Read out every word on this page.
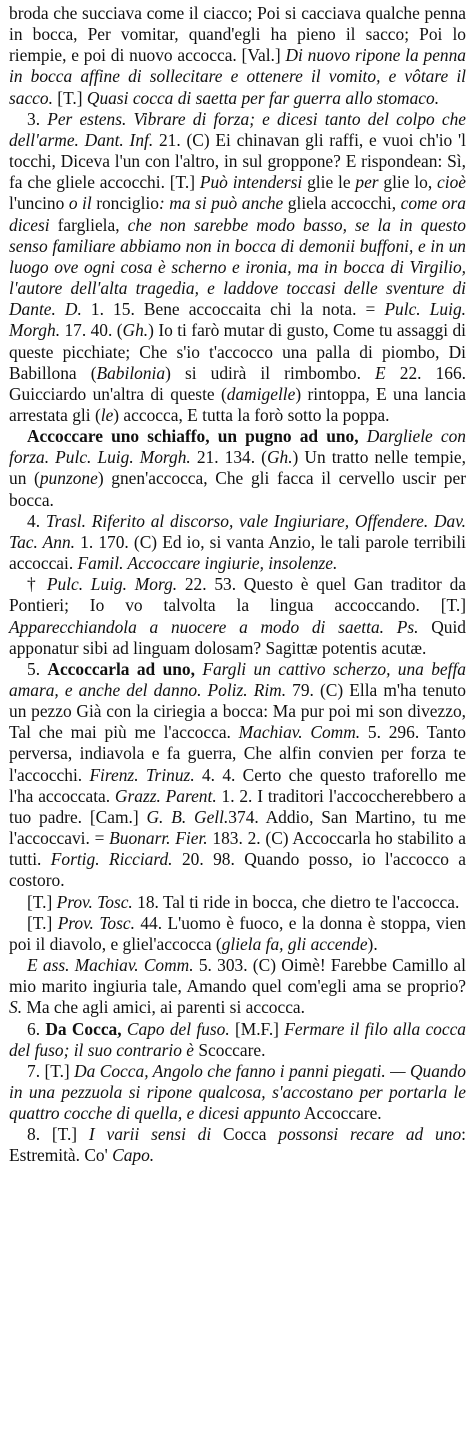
broda che succiava come il ciacco; Poi si cacciava qualche penna in bocca, Per vomitar, quand'egli ha pieno il sacco; Poi lo riempie, e poi di nuovo accocca. [Val.] Di nuovo ripone la penna in bocca affine di sollecitare e ottenere il vomito, e vôtare il sacco. [T.] Quasi cocca di saetta per far guerra allo stomaco.

3. Per estens. Vibrare di forza; e dicesi tanto del colpo che dell'arme. Dant. Inf. 21. (C) Ei chinavan gli raffi, e vuoi ch'io 'l tocchi, Diceva l'un con l'altro, in sul groppone? E rispondean: Sì, fa che gliele accocchi. [T.] Può intendersi glie le per glie lo, cioè l'uncino o il ronciglio: ma si può anche gliela accocchi, come ora dicesi fargliela, che non sarebbe modo basso, se la in questo senso familiare abbiamo non in bocca di demonii buffoni, e in un luogo ove ogni cosa è scherno e ironia, ma in bocca di Virgilio, l'autore dell'alta tragedia, e laddove toccasi delle sventure di Dante. D. 1. 15. Bene accoccaita chi la nota. = Pulc. Luig. Morgh. 17. 40. (Gh.) Io ti farò mutar di gusto, Come tu assaggi di queste picchiate; Che s'io t'accocco una palla di piombo, Di Babillona (Babilonia) si udirà il rimbombo. E 22. 166. Guicciardo un'altra di queste (damigelle) rintoppa, E una lancia arrestata gli (le) accocca, E tutta la forò sotto la poppa.

Accoccare uno schiaffo, un pugno ad uno, Dargliele con forza. Pulc. Luig. Morgh. 21. 134. (Gh.) Un tratto nelle tempie, un (punzone) gnen'accocca, Che gli facca il cervello uscir per bocca.

4. Trasl. Riferito al discorso, vale Ingiuriare, Offendere. Dav. Tac. Ann. 1. 170. (C) Ed io, si vanta Anzio, le tali parole terribili accoccai. Famil. Accoccare ingiurie, insolenze.

† Pulc. Luig. Morg. 22. 53. Questo è quel Gan traditor da Pontieri; Io vo talvolta la lingua accoccando. [T.] Apparecchiandola a nuocere a modo di saetta. Ps. Quid apponatur sibi ad linguam dolosam? Sagittæ potentis acutæ.

5. Accoccarla ad uno, Fargli un cattivo scherzo, una beffa amara, e anche del danno. Poliz. Rim. 79. (C) Ella m'ha tenuto un pezzo Già con la ciriegia a bocca: Ma pur poi mi son divezzo, Tal che mai più me l'accocca. Machiav. Comm. 5. 296. Tanto perversa, indiavola e fa guerra, Che alfin convien per forza te l'accocchi. Firenz. Trinuz. 4. 4. Certo che questo traforello me l'ha accoccata. Grazz. Parent. 1. 2. I traditori l'accoccherebbero a tuo padre. [Cam.] G. B. Gell.374. Addio, San Martino, tu me l'accoccavi. = Buonarr. Fier. 183. 2. (C) Accoccarla ho stabilito a tutti. Fortig. Ricciard. 20. 98. Quando posso, io l'accocco a costoro.

[T.] Prov. Tosc. 18. Tal ti ride in bocca, che dietro te l'accocca.

[T.] Prov. Tosc. 44. L'uomo è fuoco, e la donna è stoppa, vien poi il diavolo, e gliel'accocca (gliela fa, gli accende).

E ass. Machiav. Comm. 5. 303. (C) Oimè! Farebbe Camillo al mio marito ingiuria tale, Amando quel com'egli ama se proprio? S. Ma che agli amici, ai parenti si accocca.

6. Da Cocca, Capo del fuso. [M.F.] Fermare il filo alla cocca del fuso; il suo contrario è Scoccare.

7. [T.] Da Cocca, Angolo che fanno i panni piegati. — Quando in una pezzuola si ripone qualcosa, s'accostano per portarla le quattro cocche di quella, e dicesi appunto Accoccare.

8. [T.] I varii sensi di Cocca possonsi recare ad uno: Estremità. Co' Capo.
